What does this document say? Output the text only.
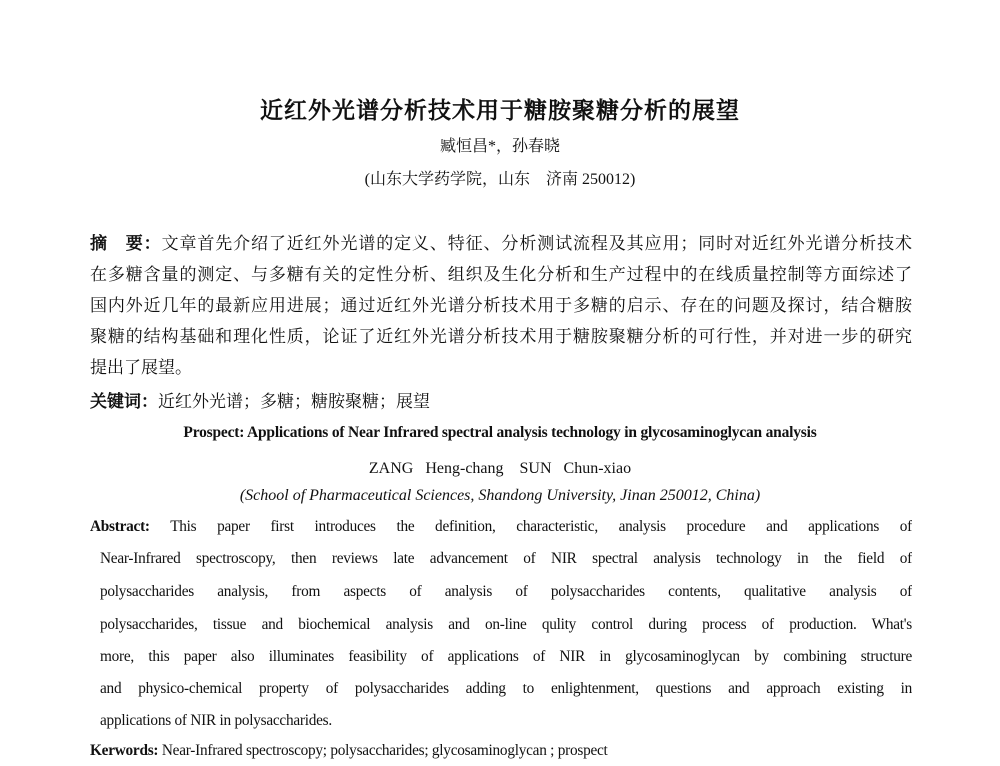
近红外光谱分析技术用于糖胺聚糖分析的展望
臧恒昌*，孙春晓
(山东大学药学院，山东　济南 250012)
摘　要：文章首先介绍了近红外光谱的定义、特征、分析测试流程及其应用；同时对近红外光谱分析技术
在多糖含量的测定、与多糖有关的定性分析、组织及生化分析和生产过程中的在线质量控制等方面综述了
国内外近几年的最新应用进展；通过近红外光谱分析技术用于多糖的启示、存在的问题及探讨，结合糖胺
聚糖的结构基础和理化性质，论证了近红外光谱分析技术用于糖胺聚糖分析的可行性，并对进一步的研究
提出了展望。
关键词：近红外光谱；多糖；糖胺聚糖；展望
Prospect: Applications of Near Infrared spectral analysis technology in glycosaminoglycan analysis
ZANG Heng-chang　SUN Chun-xiao
(School of Pharmaceutical Sciences, Shandong University, Jinan 250012, China)
Abstract: This paper first introduces the definition, characteristic, analysis procedure and applications of
Near-Infrared spectroscopy, then reviews late advancement of NIR spectral analysis technology in the field of
polysaccharides analysis, from aspects of analysis of polysaccharides contents, qualitative analysis of
polysaccharides, tissue and biochemical analysis and on-line qulity control during process of production. What's
more, this paper also illuminates feasibility of applications of NIR in glycosaminoglycan by combining structure
and physico-chemical property of polysaccharides adding to enlightenment, questions and approach existing in
applications of NIR in polysaccharides.
Kerwords: Near-Infrared spectroscopy; polysaccharides; glycosaminoglycan ; prospect
